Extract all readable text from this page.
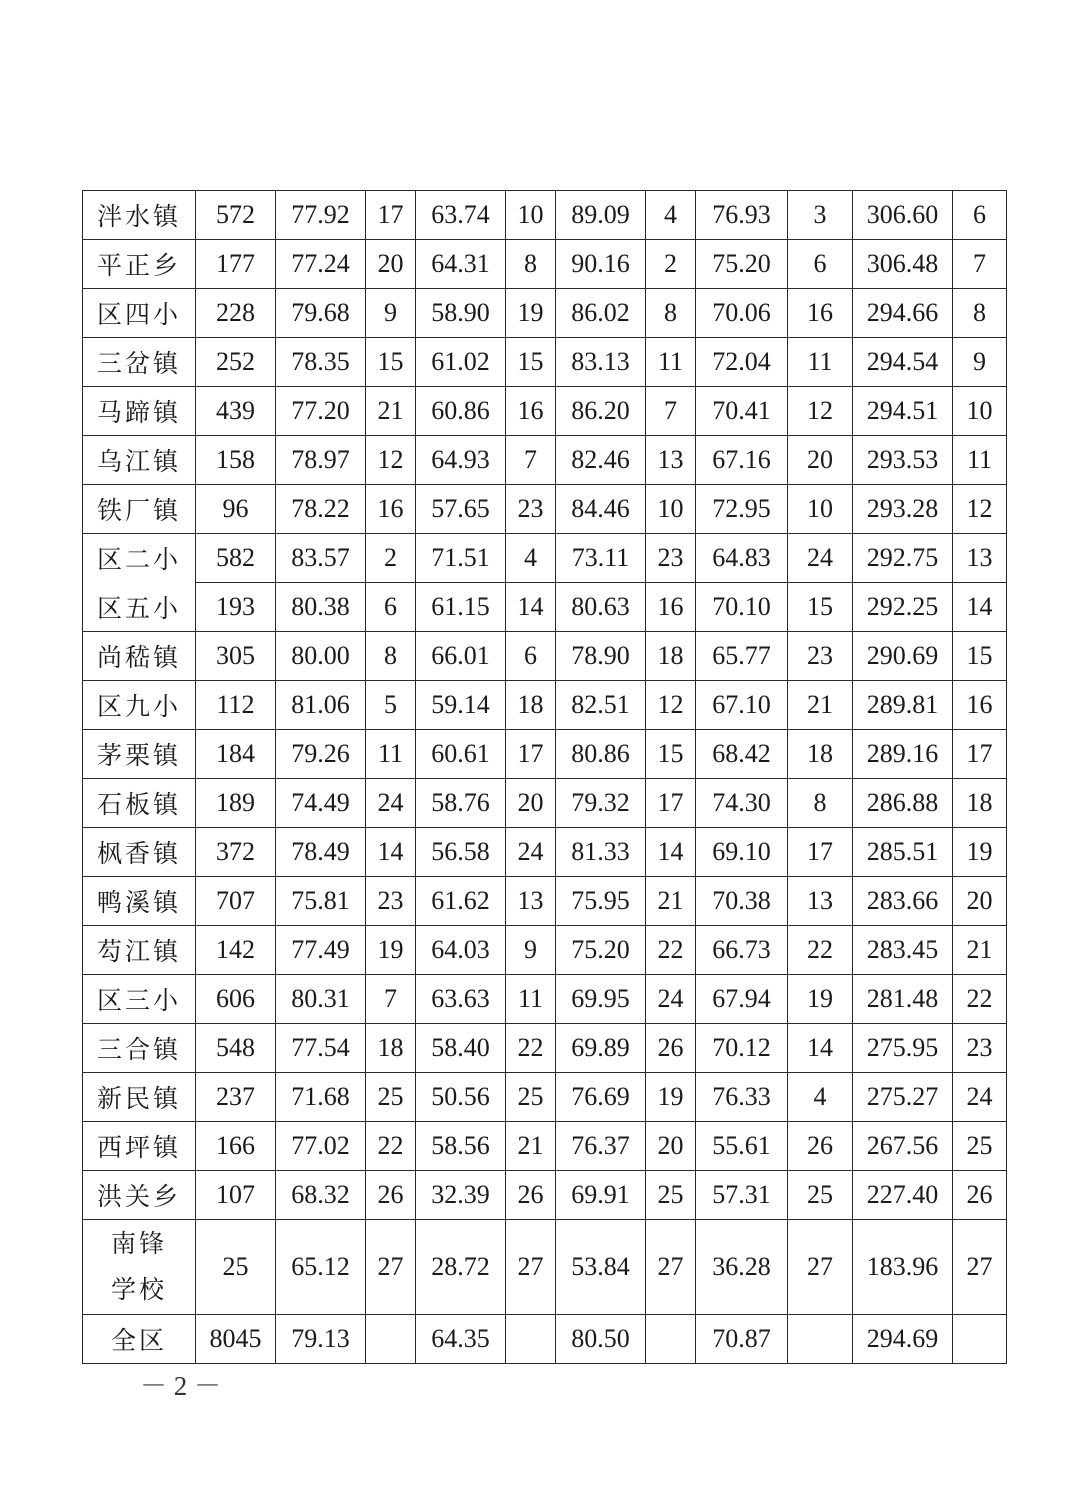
泮水镇	572	77.92	17	63.74	10	89.09	4	76.93	3	306.60	6
平正乡	177	77.24	20	64.31	8	90.16	2	75.20	6	306.48	7
区四小	228	79.68	9	58.90	19	86.02	8	70.06	16	294.66	8
三岔镇	252	78.35	15	61.02	15	83.13	11	72.04	11	294.54	9
马蹄镇	439	77.20	21	60.86	16	86.20	7	70.41	12	294.51	10
乌江镇	158	78.97	12	64.93	7	82.46	13	67.16	20	293.53	11
铁厂镇	96	78.22	16	57.65	23	84.46	10	72.95	10	293.28	12
区二小	582	83.57	2	71.51	4	73.11	23	64.83	24	292.75	13
区五小	193	80.38	6	61.15	14	80.63	16	70.10	15	292.25	14
尚嵇镇	305	80.00	8	66.01	6	78.90	18	65.77	23	290.69	15
区九小	112	81.06	5	59.14	18	82.51	12	67.10	21	289.81	16
茅栗镇	184	79.26	11	60.61	17	80.86	15	68.42	18	289.16	17
石板镇	189	74.49	24	58.76	20	79.32	17	74.30	8	286.88	18
枫香镇	372	78.49	14	56.58	24	81.33	14	69.10	17	285.51	19
鸭溪镇	707	75.81	23	61.62	13	75.95	21	70.38	13	283.66	20
芶江镇	142	77.49	19	64.03	9	75.20	22	66.73	22	283.45	21
区三小	606	80.31	7	63.63	11	69.95	24	67.94	19	281.48	22
三合镇	548	77.54	18	58.40	22	69.89	26	70.12	14	275.95	23
新民镇	237	71.68	25	50.56	25	76.69	19	76.33	4	275.27	24
西坪镇	166	77.02	22	58.56	21	76.37	20	55.61	26	267.56	25
洪关乡	107	68.32	26	32.39	26	69.91	25	57.31	25	227.40	26
南锋
学校	25	65.12	27	28.72	27	53.84	27	36.28	27	183.96	27
全区	8045	79.13		64.35		80.50		70.87		294.69	
－ 2 －
